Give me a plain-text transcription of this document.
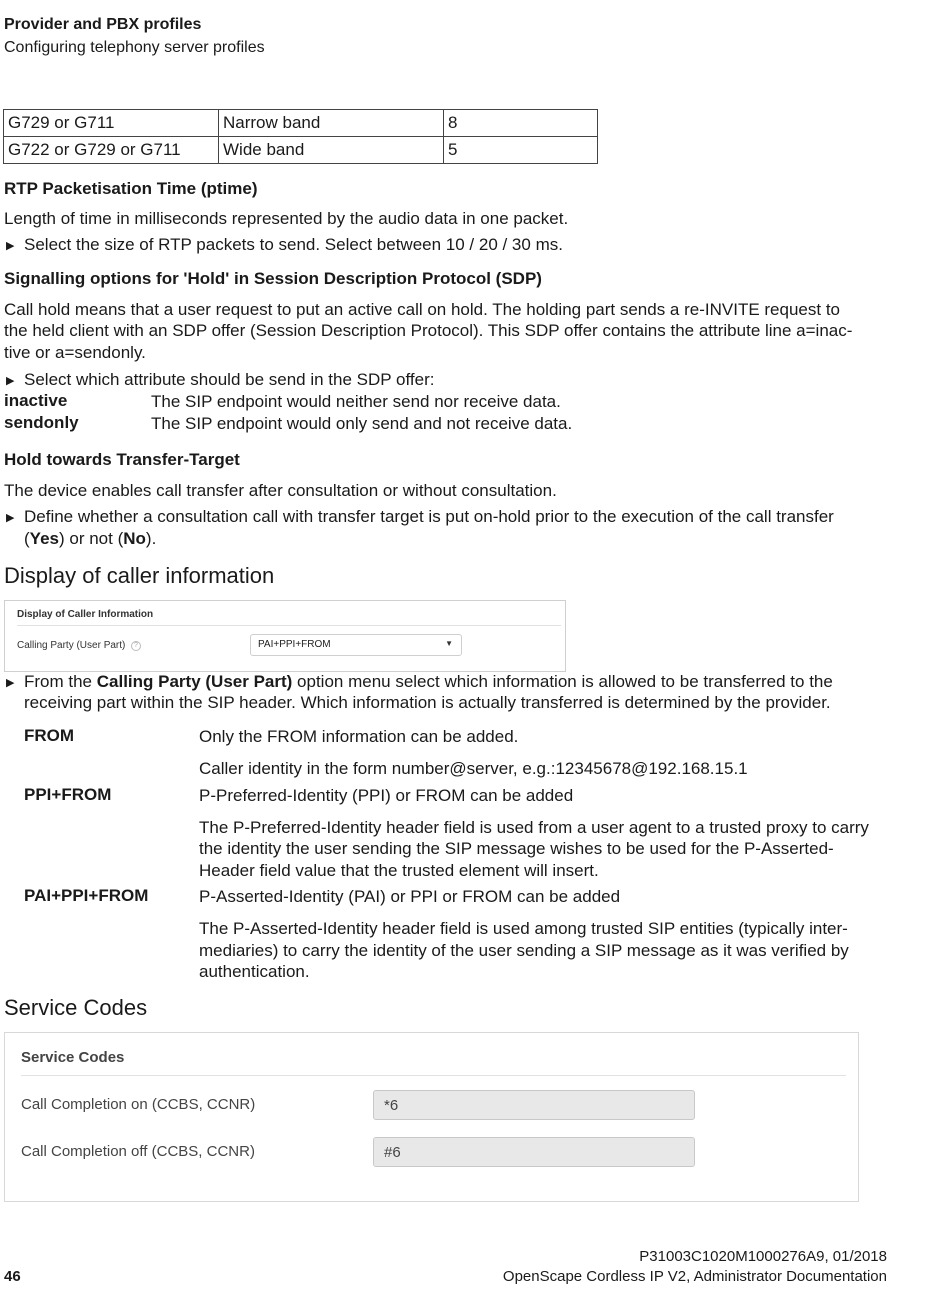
Provider and PBX profiles
Configuring telephony server profiles
G729 or G711	Narrow band	8
G722 or G729 or G711	Wide band	5
RTP Packetisation Time (ptime)
Length of time in milliseconds represented by the audio data in one packet.
▶ Select the size of RTP packets to send. Select between 10 / 20 / 30 ms.
Signalling options for 'Hold' in Session Description Protocol (SDP)
Call hold means that a user request to put an active call on hold. The holding part sends a re-INVITE request to
the held client with an SDP offer (Session Description Protocol). This SDP offer contains the attribute line a=inac-
tive or a=sendonly.
▶ Select which attribute should be send in the SDP offer:
inactive	The SIP endpoint would neither send nor receive data.
sendonly	The SIP endpoint would only send and not receive data.
Hold towards Transfer-Target
The device enables call transfer after consultation or without consultation.
▶ Define whether a consultation call with transfer target is put on-hold prior to the execution of the call transfer
(Yes) or not (No).
Display of caller information
Display of Caller Information
Calling Party (User Part)	?	PAI+PPI+FROM	▼
▶ From the Calling Party (User Part) option menu select which information is allowed to be transferred to the
receiving part within the SIP header. Which information is actually transferred is determined by the provider.
FROM	Only the FROM information can be added.
Caller identity in the form number@server, e.g.:12345678@192.168.15.1
PPI+FROM	P-Preferred-Identity (PPI) or FROM can be added
The P-Preferred-Identity header field is used from a user agent to a trusted proxy to carry
the identity the user sending the SIP message wishes to be used for the P-Asserted-
Header field value that the trusted element will insert.
PAI+PPI+FROM	P-Asserted-Identity (PAI) or PPI or FROM can be added
The P-Asserted-Identity header field is used among trusted SIP entities (typically inter-
mediaries) to carry the identity of the user sending a SIP message as it was verified by
authentication.
Service Codes
Service Codes
Call Completion on (CCBS, CCNR)	*6
Call Completion off (CCBS, CCNR)	#6
P31003C1020M1000276A9, 01/2018
46	OpenScape Cordless IP V2, Administrator Documentation
